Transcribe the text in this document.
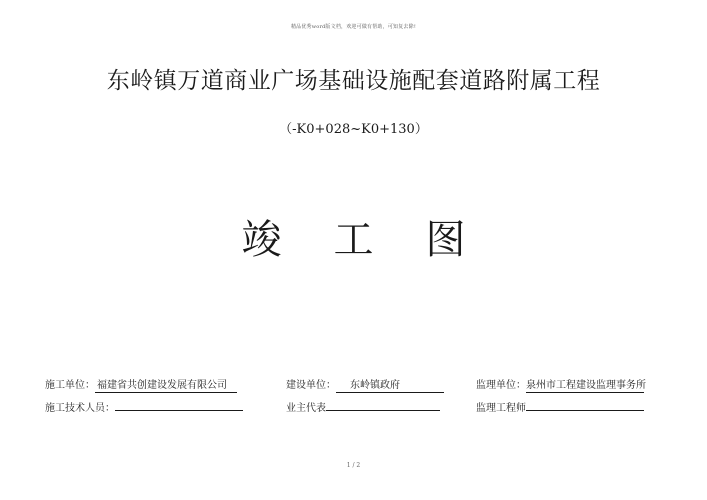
精品优秀word版文档，欢迎可做有帮助，可知复去除!
东岭镇万道商业广场基础设施配套道路附属工程
（-K0+028~K0+130）
竣工图
施工单位： 福建省共创建设发展有限公司	建设单位： 东岭镇政府	监理单位：泉州市工程建设监理事务所
施工技术人员：	业主代表	监理工程师
1 / 2
